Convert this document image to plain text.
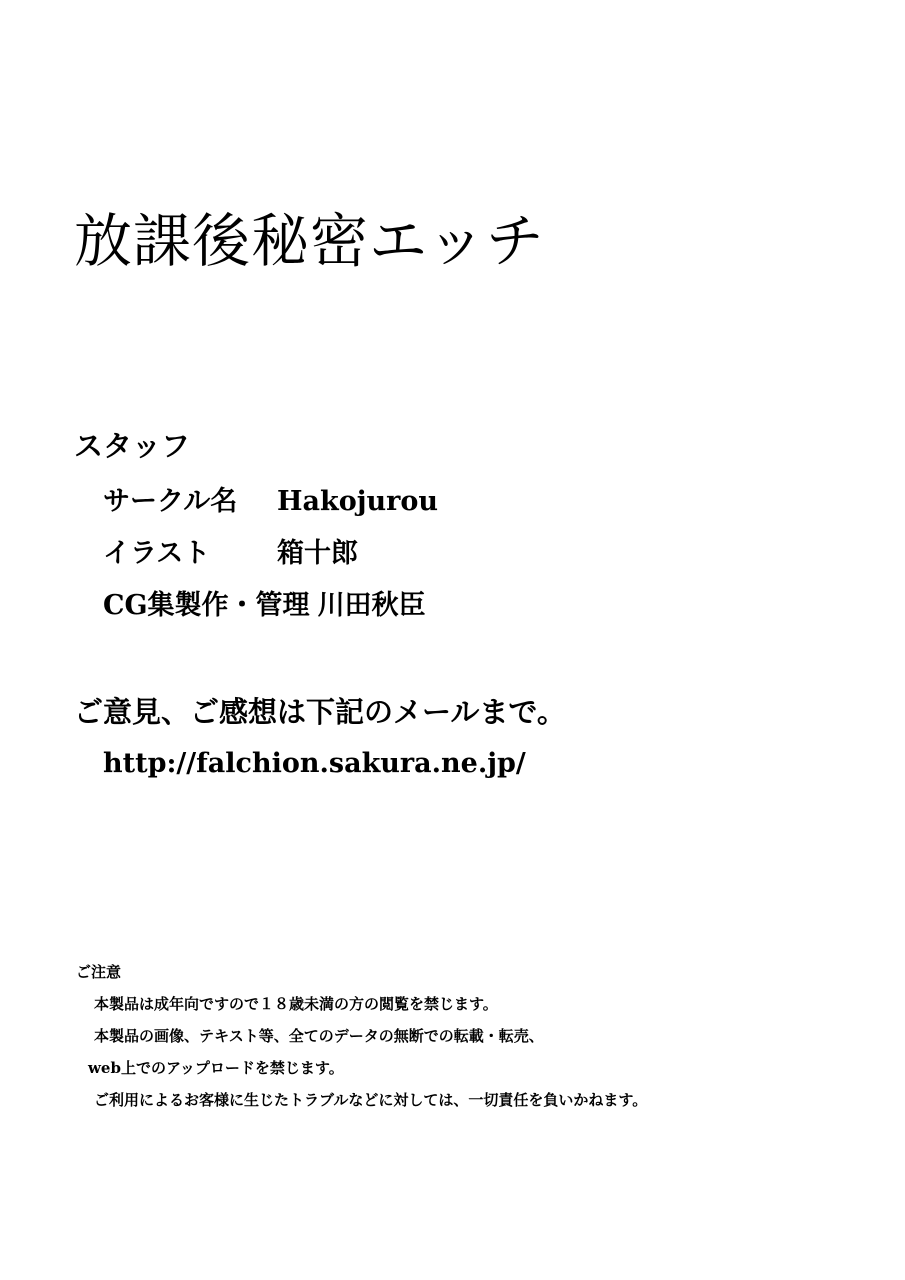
放課後秘密エッチ
スタッフ
サークル名 Hakojurou
イラスト 箱十郎
CG集製作・管理 川田秋臣
ご意見、ご感想は下記のメールまで。
http://falchion.sakura.ne.jp/
ご注意
本製品は成年向ですので１８歳未満の方の閲覧を禁じます。
本製品の画像、テキスト等、全てのデータの無断での転載・転売、
web上でのアップロードを禁じます。
ご利用によるお客様に生じたトラブルなどに対しては、一切責任を負いかねます。
